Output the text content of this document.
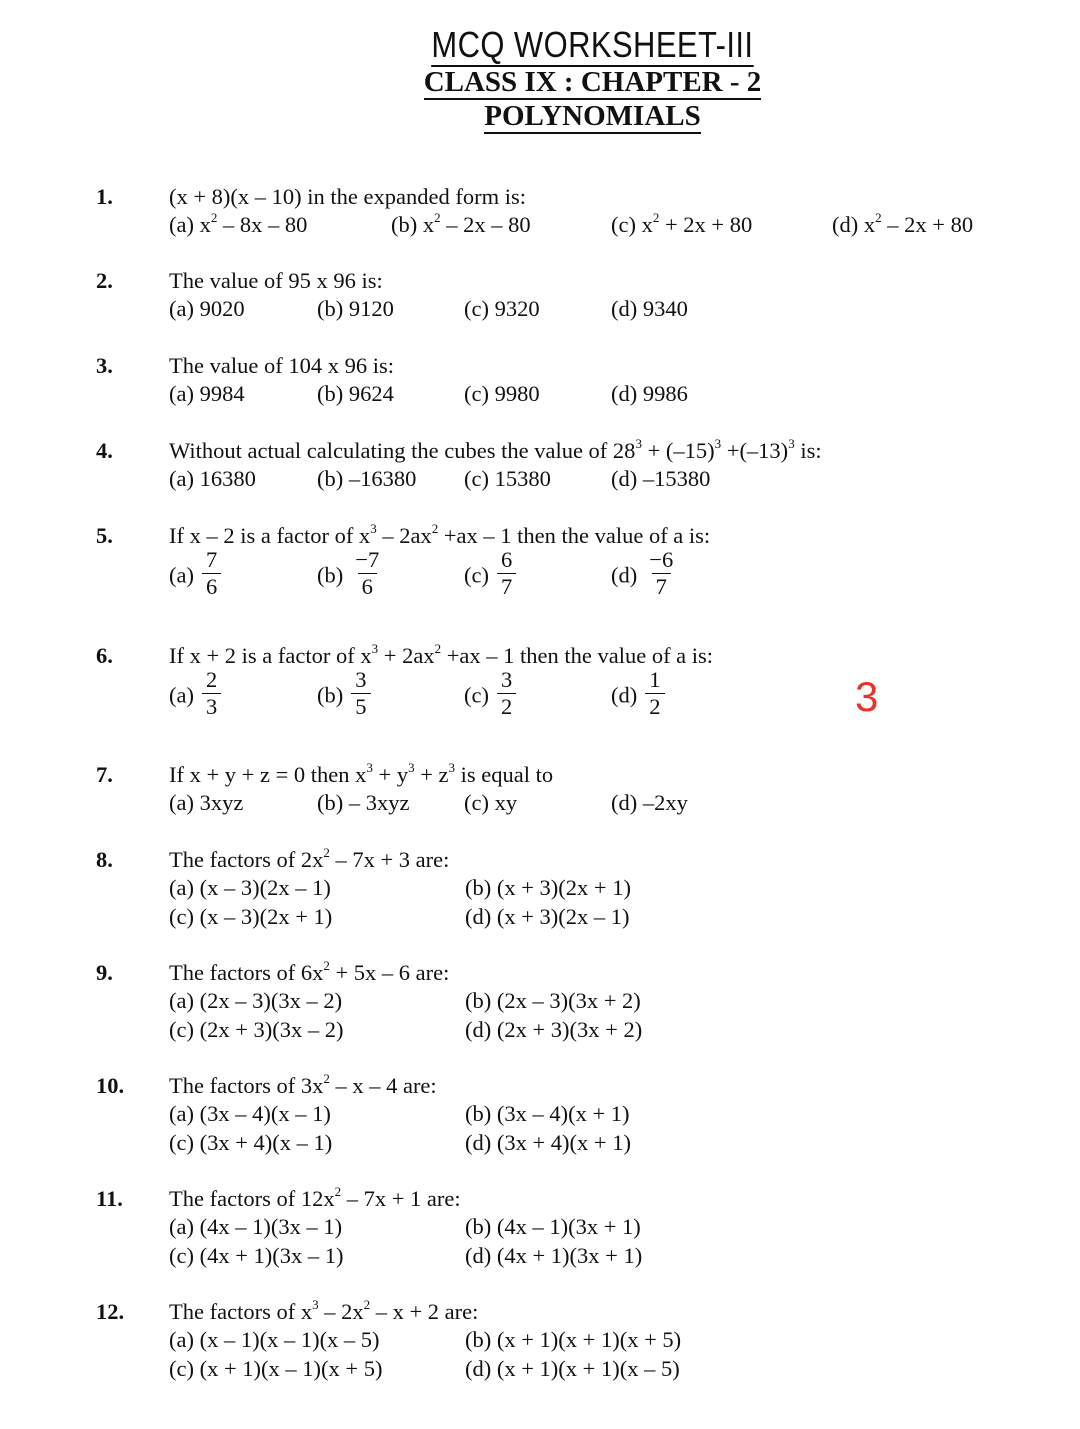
MCQ WORKSHEET-III
CLASS IX : CHAPTER - 2
POLYNOMIALS
1. (x + 8)(x – 10) in the expanded form is:
(a) $x^2 - 8x - 80$	(b) $x^2 - 2x - 80$	(c) $x^2 + 2x + 80$	(d) $x^2 - 2x + 80$
2. The value of 95 x 96 is:
(a) 9020	(b) 9120	(c) 9320	(d) 9340
3. The value of 104 x 96 is:
(a) 9984	(b) 9624	(c) 9980	(d) 9986
4. Without actual calculating the cubes the value of $28^3 + (-15)^3 +(-13)^3$ is:
(a) 16380	(b) –16380 (c) 15380	(d) –15380
5. If x – 2 is a factor of $x^3 - 2ax^2 +ax - 1$ then the value of a is:
$(a) \frac{7}{6}$	$(b) \frac{-7}{6}$	$(c) \frac{6}{7}$	$(d) \frac{-6}{7}$
6. If x + 2 is a factor of $x^3 + 2ax^2 +ax - 1$ then the value of a is:
$(a) \frac{2}{3}$	$(b) \frac{3}{5}$	$(c) \frac{3}{2}$	$(d) \frac{1}{2}$
7. If x + y + z = 0 then $x^3 + y^3 + z^3$ is equal to
(a) 3xyz	(b) – 3xyz (c) xy	(d) –2xy
8. The factors of $2x^2 - 7x + 3$ are:
(a) (x – 3)(2x – 1)	(b) (x + 3)(2x + 1)
(c) (x – 3)(2x + 1)	(d) (x + 3)(2x – 1)
9. The factors of $6x^2 + 5x - 6$ are:
(a) (2x – 3)(3x – 2)	(b) (2x – 3)(3x + 2)
(c) (2x + 3)(3x – 2)	(d) (2x + 3)(3x + 2)
10. The factors of $3x^2$ – x – 4 are:
(a) (3x – 4)(x – 1)	(b) (3x – 4)(x + 1)
(c) (3x + 4)(x – 1)	(d) (3x + 4)(x + 1)
11. The factors of $12x^2 - 7x + 1$ are:
(a) (4x – 1)(3x – 1)	(b) (4x – 1)(3x + 1)
(c) (4x + 1)(3x – 1)	(d) (4x + 1)(3x + 1)
12. The factors of $x^3 - 2x^2 - x + 2$ are:
(a) (x – 1)(x – 1)(x – 5)	(b) (x + 1)(x + 1)(x + 5)
(c) (x + 1)(x – 1)(x + 5)	(d) (x + 1)(x + 1)(x – 5)
3
